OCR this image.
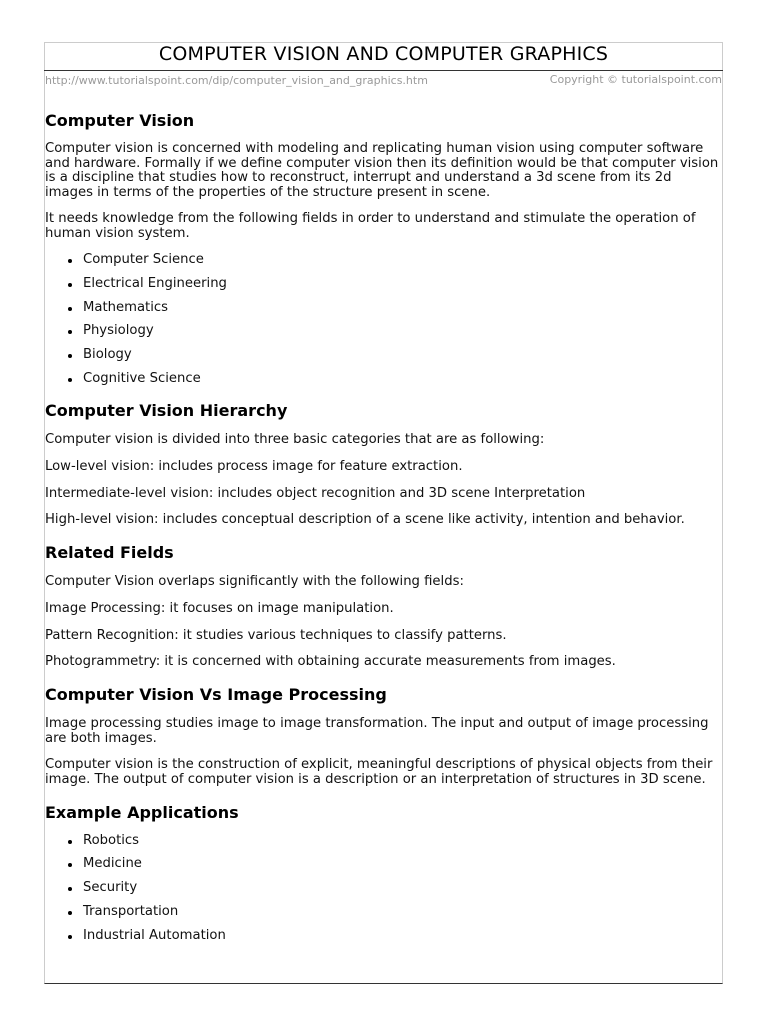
COMPUTER VISION AND COMPUTER GRAPHICS
http://www.tutorialspoint.com/dip/computer_vision_and_graphics.htm	Copyright © tutorialspoint.com
Computer Vision

Computer vision is concerned with modeling and replicating human vision using computer software and hardware. Formally if we define computer vision then its definition would be that computer vision is a discipline that studies how to reconstruct, interrupt and understand a 3d scene from its 2d images in terms of the properties of the structure present in scene.

It needs knowledge from the following fields in order to understand and stimulate the operation of human vision system.

Computer Science
Electrical Engineering
Mathematics
Physiology
Biology
Cognitive Science
Computer Vision Hierarchy

Computer vision is divided into three basic categories that are as following:

Low-level vision: includes process image for feature extraction.

Intermediate-level vision: includes object recognition and 3D scene Interpretation

High-level vision: includes conceptual description of a scene like activity, intention and behavior.

Related Fields

Computer Vision overlaps significantly with the following fields:

Image Processing: it focuses on image manipulation.

Pattern Recognition: it studies various techniques to classify patterns.

Photogrammetry: it is concerned with obtaining accurate measurements from images.

Computer Vision Vs Image Processing

Image processing studies image to image transformation. The input and output of image processing are both images.

Computer vision is the construction of explicit, meaningful descriptions of physical objects from their image. The output of computer vision is a description or an interpretation of structures in 3D scene.

Example Applications
Robotics
Medicine
Security
Transportation
Industrial Automation
